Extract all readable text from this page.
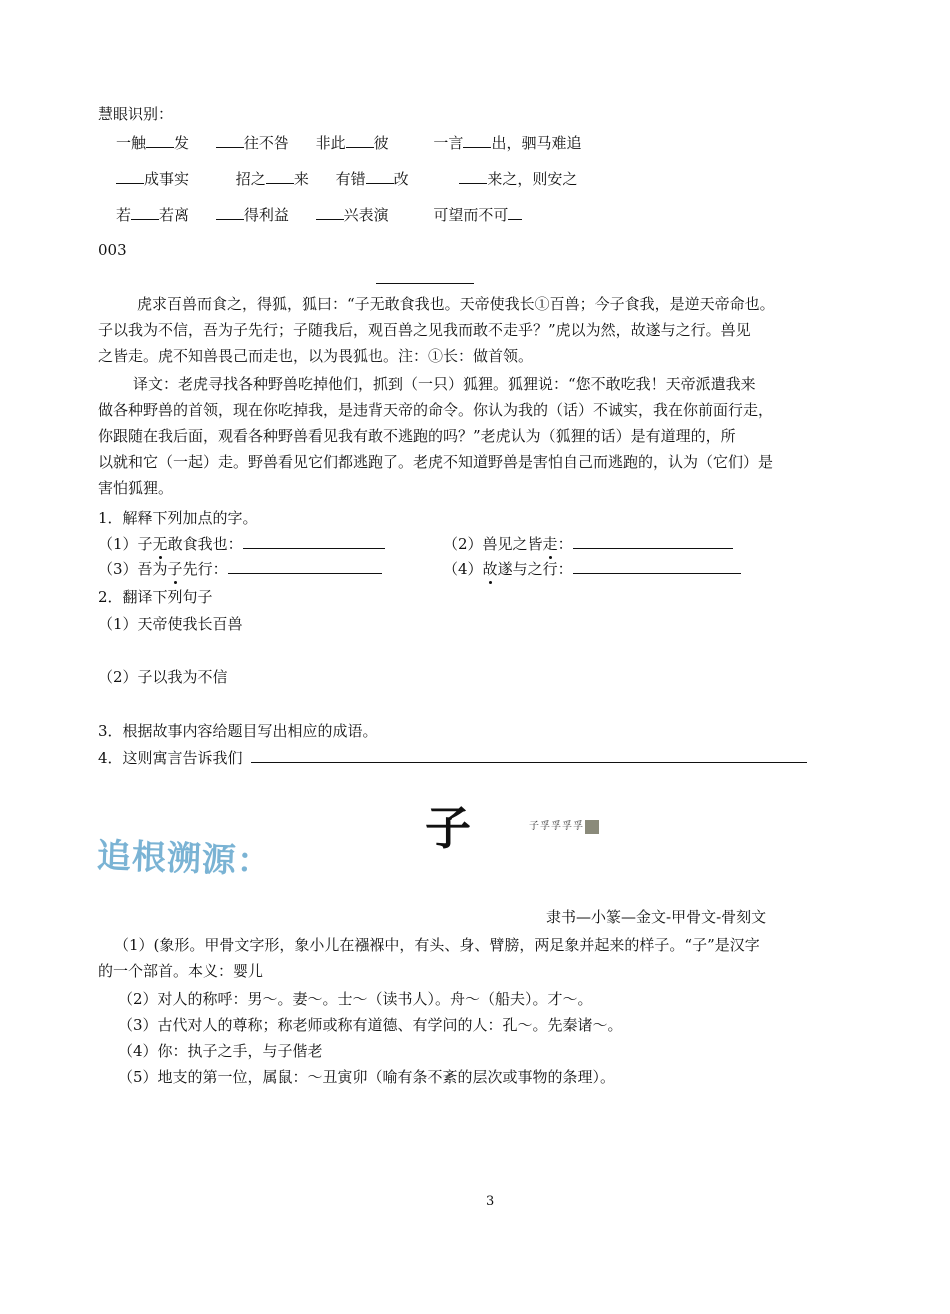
慧眼识别：
一触 发	往不咎 非此 彼	一言 出，驷马难追
成事实	招之 来 有错 改	来之，则安之
若 若离	得利益	兴表演	可望而不可
003
虎求百兽而食之，得狐，狐曰：“子无敢食我也。天帝使我长①百兽；今子食我，是逆天帝命也。
子以我为不信，吾为子先行；子随我后，观百兽之见我而敢不走乎？”虎以为然，故遂与之行。兽见
之皆走。虎不知兽畏己而走也，以为畏狐也。注：①长：做首领。
译文：老虎寻找各种野兽吃掉他们，抓到（一只）狐狸。狐狸说：“您不敢吃我！天帝派遣我来
做各种野兽的首领，现在你吃掉我，是违背天帝的命令。你认为我的（话）不诚实，我在你前面行走，
你跟随在我后面，观看各种野兽看见我有敢不逃跑的吗？”老虎认为（狐狸的话）是有道理的，所
以就和它（一起）走。野兽看见它们都逃跑了。老虎不知道野兽是害怕自己而逃跑的，认为（它们）是
害怕狐狸。
1．解释下列加点的字。
（1）子无敢食我也：	（2）兽见之皆走：
（3）吾为子先行：	（4）故遂与之行：
2．翻译下列句子
（1）天帝使我长百兽
（2）子以我为不信
3．根据故事内容给题目写出相应的成语。
4．这则寓言告诉我们
子	子孚孚孚孚
追根溯源：
隶书—小篆—金文-甲骨文-骨刻文
（1）(象形。甲骨文字形，象小儿在襁褓中，有头、身、臂膀，两足象并起来的样子。“子”是汉字
的一个部首。本义：婴儿
（2）对人的称呼：男～。妻～。士～（读书人）。舟～（船夫）。才～。
（3）古代对人的尊称；称老师或称有道德、有学问的人：孔～。先秦诸～。
（4）你：执子之手，与子偕老
（5）地支的第一位，属鼠：～丑寅卯（喻有条不紊的层次或事物的条理）。
3
